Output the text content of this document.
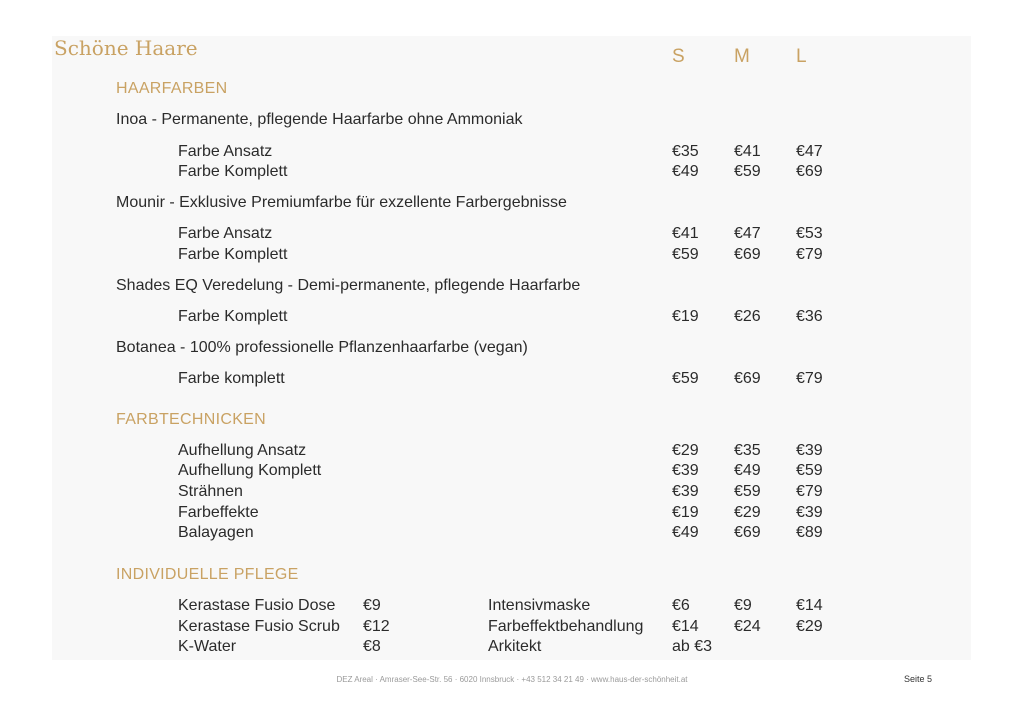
Schöne Haare	S	M L
HAARFARBEN
Inoa - Permanente, pflegende Haarfarbe ohne Ammoniak
Farbe Ansatz	€35 €41 €47
Farbe Komplett	€49 €59 €69
Mounir - Exklusive Premiumfarbe für exzellente Farbergebnisse
Farbe Ansatz	€41 €47 €53
Farbe Komplett	€59 €69 €79
Shades EQ Veredelung - Demi-permanente, pflegende Haarfarbe
Farbe Komplett	€19 €26 €36
Botanea - 100% professionelle Pflanzenhaarfarbe (vegan)
Farbe komplett	€59 €69 €79
FARBTECHNICKEN
Aufhellung Ansatz	€29 €35 €39
Aufhellung Komplett	€39 €49 €59
Strähnen	€39 €59 €79
Farbeffekte	€19 €29 €39
Balayagen	€49 €69 €89
INDIVIDUELLE PFLEGE
Kerastase Fusio Dose €9	Intensivmaske	€6	€9	€14
Kerastase Fusio Scrub €12	Farbeffektbehandlung €14 €24 €29
K-Water	€8	Arkitekt	ab €3
DEZ Areal · Amraser-See-Str. 56 · 6020 Innsbruck · +43 512 34 21 49 · www.haus-der-schönheit.at	Seite 5
